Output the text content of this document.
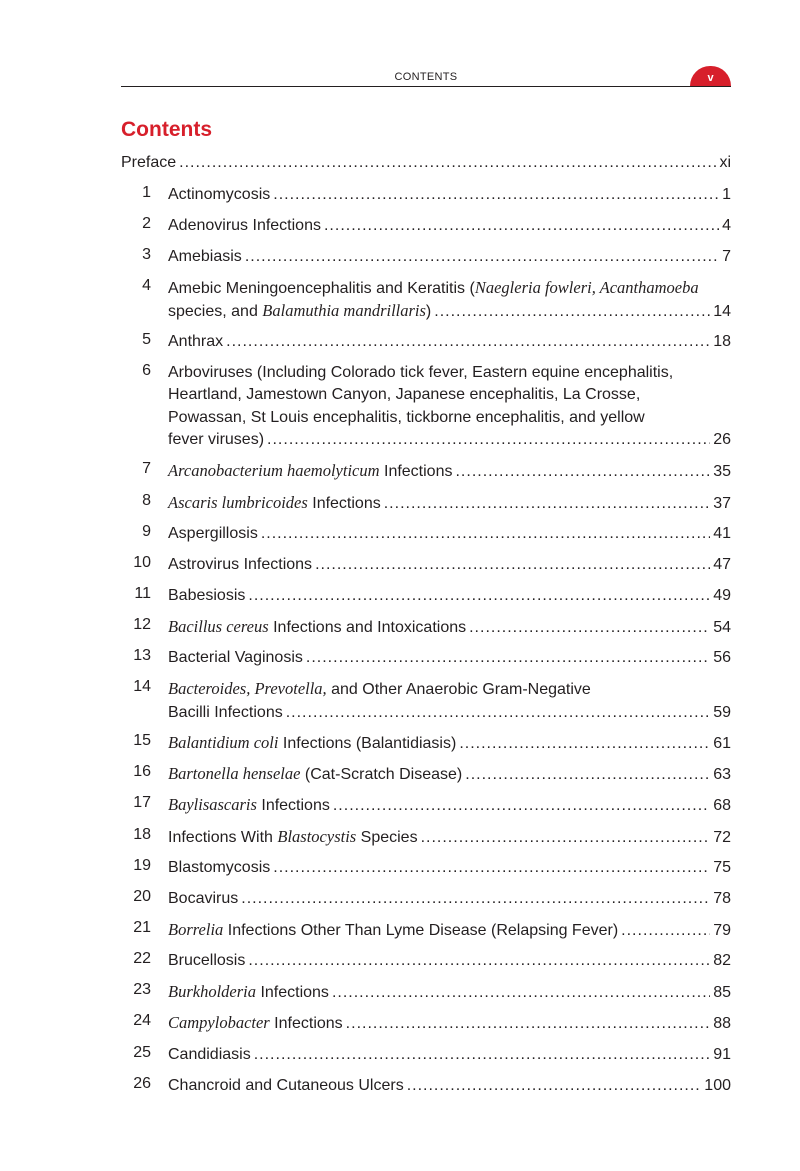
CONTENTS	v
Contents
Preface .....	xi
1 Actinomycosis .....	1
2 Adenovirus Infections .....	4
3 Amebiasis .....	7
4 Amebic Meningoencephalitis and Keratitis (Naegleria fowleri, Acanthamoeba
species, and Balamuthia mandrillaris) .....	14
5 Anthrax .....	18
6 Arboviruses (Including Colorado tick fever, Eastern equine encephalitis,
Heartland, Jamestown Canyon, Japanese encephalitis, La Crosse,
Powassan, St Louis encephalitis, tickborne encephalitis, and yellow
fever viruses) .....	26
7 Arcanobacterium haemolyticum Infections .....	35
8 Ascaris lumbricoides Infections .....	37
9 Aspergillosis .....	41
10 Astrovirus Infections .....	47
11 Babesiosis .....	49
12 Bacillus cereus Infections and Intoxications .....	54
13 Bacterial Vaginosis .....	56
14 Bacteroides, Prevotella, and Other Anaerobic Gram-Negative
Bacilli Infections .....	59
15 Balantidium coli Infections (Balantidiasis) .....	61
16 Bartonella henselae (Cat-Scratch Disease) .....	63
17 Baylisascaris Infections .....	68
18 Infections With Blastocystis Species .....	72
19 Blastomycosis .....	75
20 Bocavirus .....	78
21 Borrelia Infections Other Than Lyme Disease (Relapsing Fever) .....	79
22 Brucellosis .....	82
23 Burkholderia Infections .....	85
24 Campylobacter Infections .....	88
25 Candidiasis .....	91
26 Chancroid and Cutaneous Ulcers .....	100
